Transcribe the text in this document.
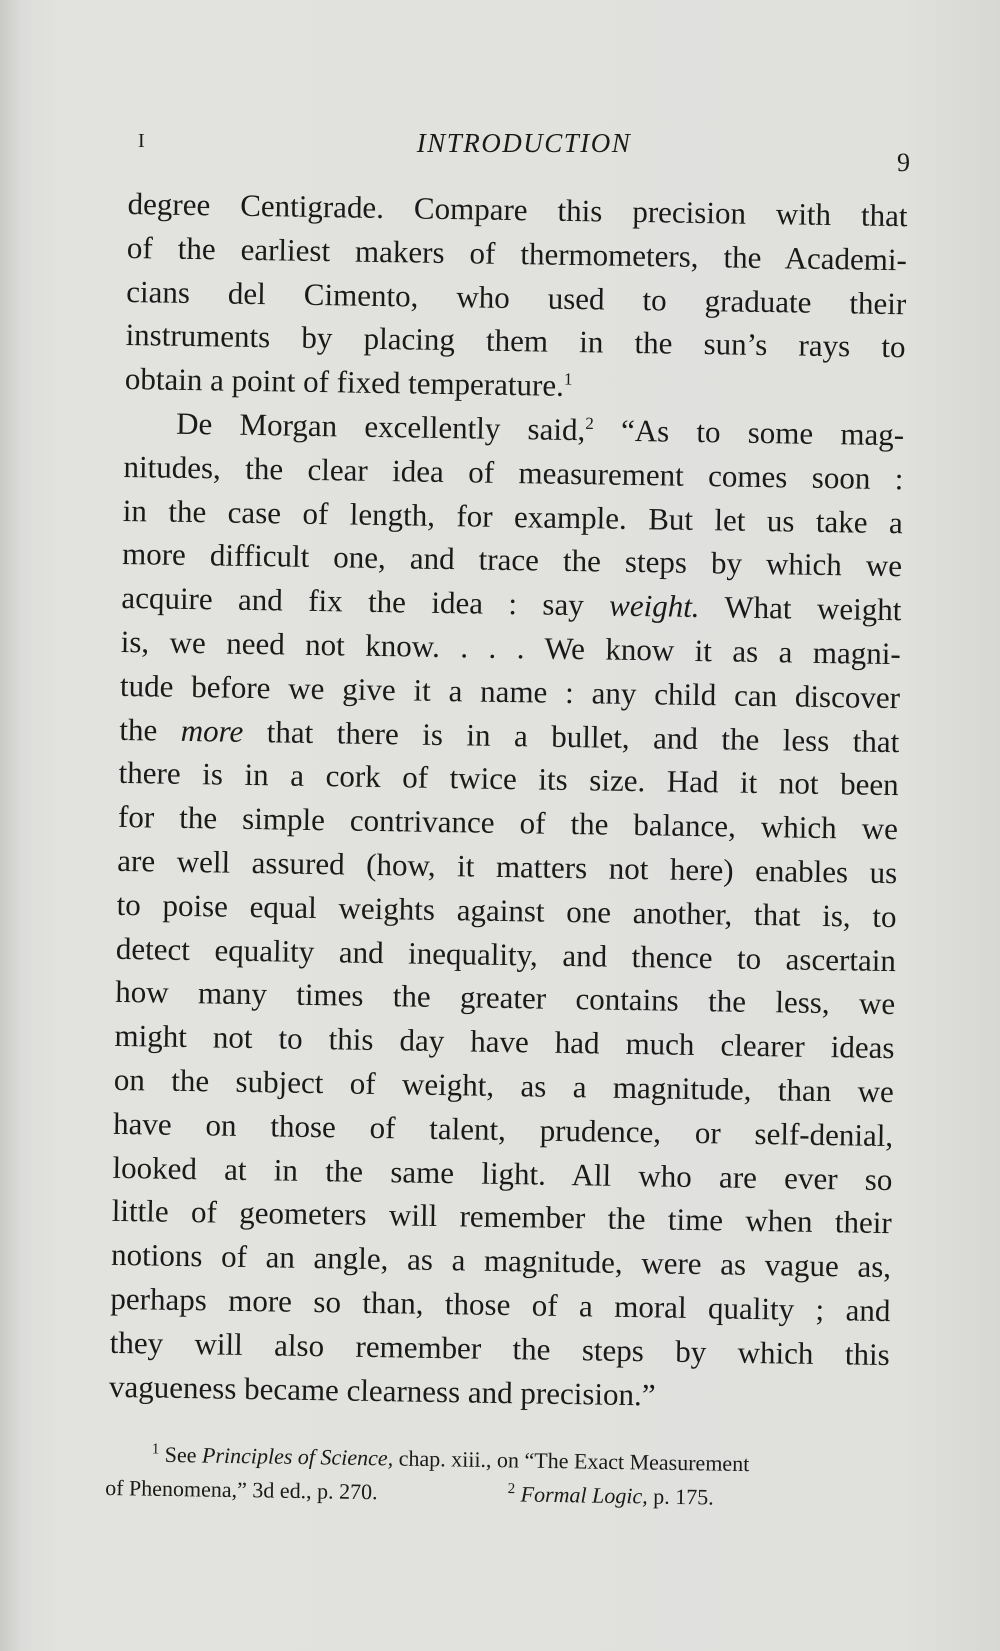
I	INTRODUCTION
9
degree Centigrade. Compare this precision with that
of the earliest makers of thermometers, the Academi-
cians del Cimento, who used to graduate their
instruments by placing them in the sun’s rays to
obtain a point of fixed temperature.$^1$
De Morgan excellently said,$^2$ “As to some mag-
nitudes, the clear idea of measurement comes soon :
in the case of length, for example. But let us take a
more difficult one, and trace the steps by which we
acquire and fix the idea : say weight. What weight
is, we need not know. . . . We know it as a magni-
tude before we give it a name : any child can discover
the more that there is in a bullet, and the less that
there is in a cork of twice its size. Had it not been
for the simple contrivance of the balance, which we
are well assured (how, it matters not here) enables us
to poise equal weights against one another, that is, to
detect equality and inequality, and thence to ascertain
how many times the greater contains the less, we
might not to this day have had much clearer ideas
on the subject of weight, as a magnitude, than we
have on those of talent, prudence, or self-denial,
looked at in the same light. All who are ever so
little of geometers will remember the time when their
notions of an angle, as a magnitude, were as vague as,
perhaps more so than, those of a moral quality ; and
they will also remember the steps by which this
vagueness became clearness and precision.”
$^1$ See Principles of Science, chap. xiii., on “The Exact Measurement
of Phenomena,” 3d ed., p. 270.	$^2$ Formal Logic, p. 175.
